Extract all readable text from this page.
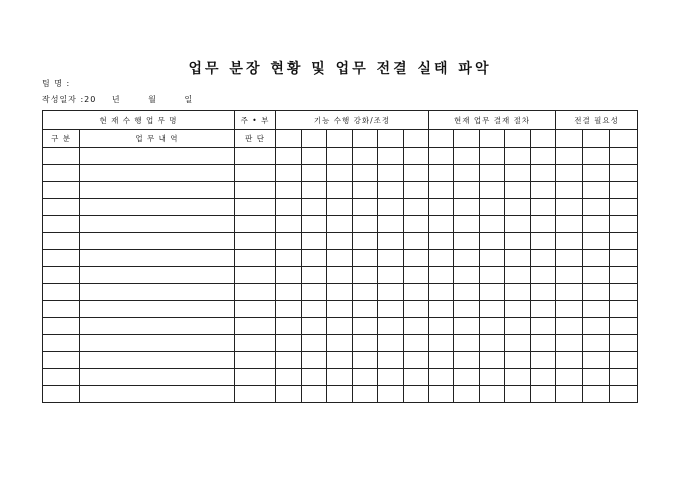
업무 분장 현황 및 업무 전결 실태 파악
팀 명 :
작성일자 :20 년	월	일
현 재 수 행 업 무 명		주 • 부	기능 수행 강화/조정						현재 업무 결재 절차					전결 필요성		
구 분	업 무 내 역	판 단														
